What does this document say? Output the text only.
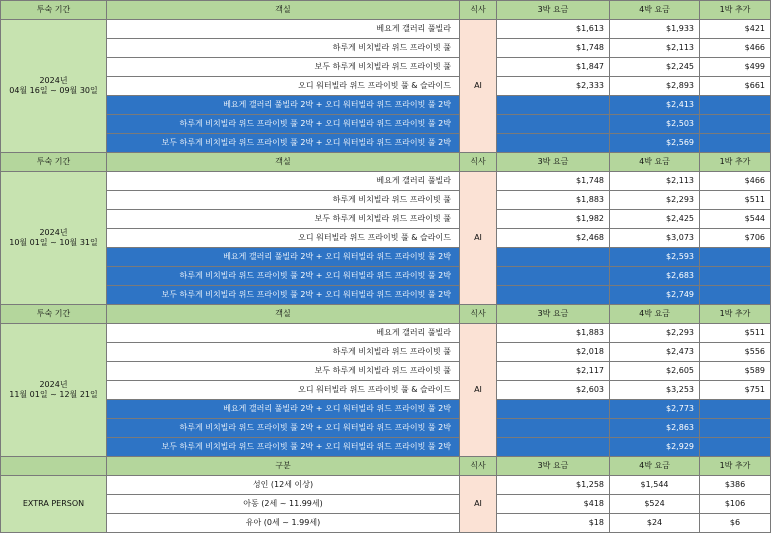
투숙 기간	객실	식사	3박 요금	4박 요금	1박 추가

2024년
04월 16일 ~ 09월 30일	베요게 갤러리 풀빌라	AI	$1,613	$1,933	$421
	하루게 비치빌라 위드 프라이빗 풀		$1,748	$2,113	$466
	보두 하루게 비치빌라 위드 프라이빗 풀		$1,847	$2,245	$499
	오디 워터빌라 위드 프라이빗 풀 & 슬라이드		$2,333	$2,893	$661
	베요게 갤러리 풀빌라 2박 + 오디 워터빌라 위드 프라이빗 풀 2박			$2,413	
	하루게 비치빌라 위드 프라이빗 풀 2박 + 오디 워터빌라 위드 프라이빗 풀 2박			$2,503	
	보두 하루게 비치빌라 위드 프라이빗 풀 2박 + 오디 워터빌라 위드 프라이빗 풀 2박			$2,569	
투숙 기간	객실	식사	3박 요금	4박 요금	1박 추가

2024년
10월 01일 ~ 10월 31일	베요게 갤러리 풀빌라	AI	$1,748	$2,113	$466
	하루게 비치빌라 위드 프라이빗 풀		$1,883	$2,293	$511
	보두 하루게 비치빌라 위드 프라이빗 풀		$1,982	$2,425	$544
	오디 워터빌라 위드 프라이빗 풀 & 슬라이드		$2,468	$3,073	$706
	베요게 갤러리 풀빌라 2박 + 오디 워터빌라 위드 프라이빗 풀 2박			$2,593	
	하루게 비치빌라 위드 프라이빗 풀 2박 + 오디 워터빌라 위드 프라이빗 풀 2박			$2,683	
	보두 하루게 비치빌라 위드 프라이빗 풀 2박 + 오디 워터빌라 위드 프라이빗 풀 2박			$2,749	
투숙 기간	객실	식사	3박 요금	4박 요금	1박 추가

2024년
11월 01일 ~ 12월 21일	베요게 갤러리 풀빌라	AI	$1,883	$2,293	$511
	하루게 비치빌라 위드 프라이빗 풀		$2,018	$2,473	$556
	보두 하루게 비치빌라 위드 프라이빗 풀		$2,117	$2,605	$589
	오디 워터빌라 위드 프라이빗 풀 & 슬라이드		$2,603	$3,253	$751
	베요게 갤러리 풀빌라 2박 + 오디 워터빌라 위드 프라이빗 풀 2박			$2,773	
	하루게 비치빌라 위드 프라이빗 풀 2박 + 오디 워터빌라 위드 프라이빗 풀 2박			$2,863	
	보두 하루게 비치빌라 위드 프라이빗 풀 2박 + 오디 워터빌라 위드 프라이빗 풀 2박			$2,929	
	구분	식사	3박 요금	4박 요금	1박 추가
EXTRA PERSON	성인 (12세 이상)	AI	$1,258	$1,544	$386
	아동 (2세 ~ 11.99세)		$418	$524	$106
	유아 (0세 ~ 1.99세)		$18	$24	$6
